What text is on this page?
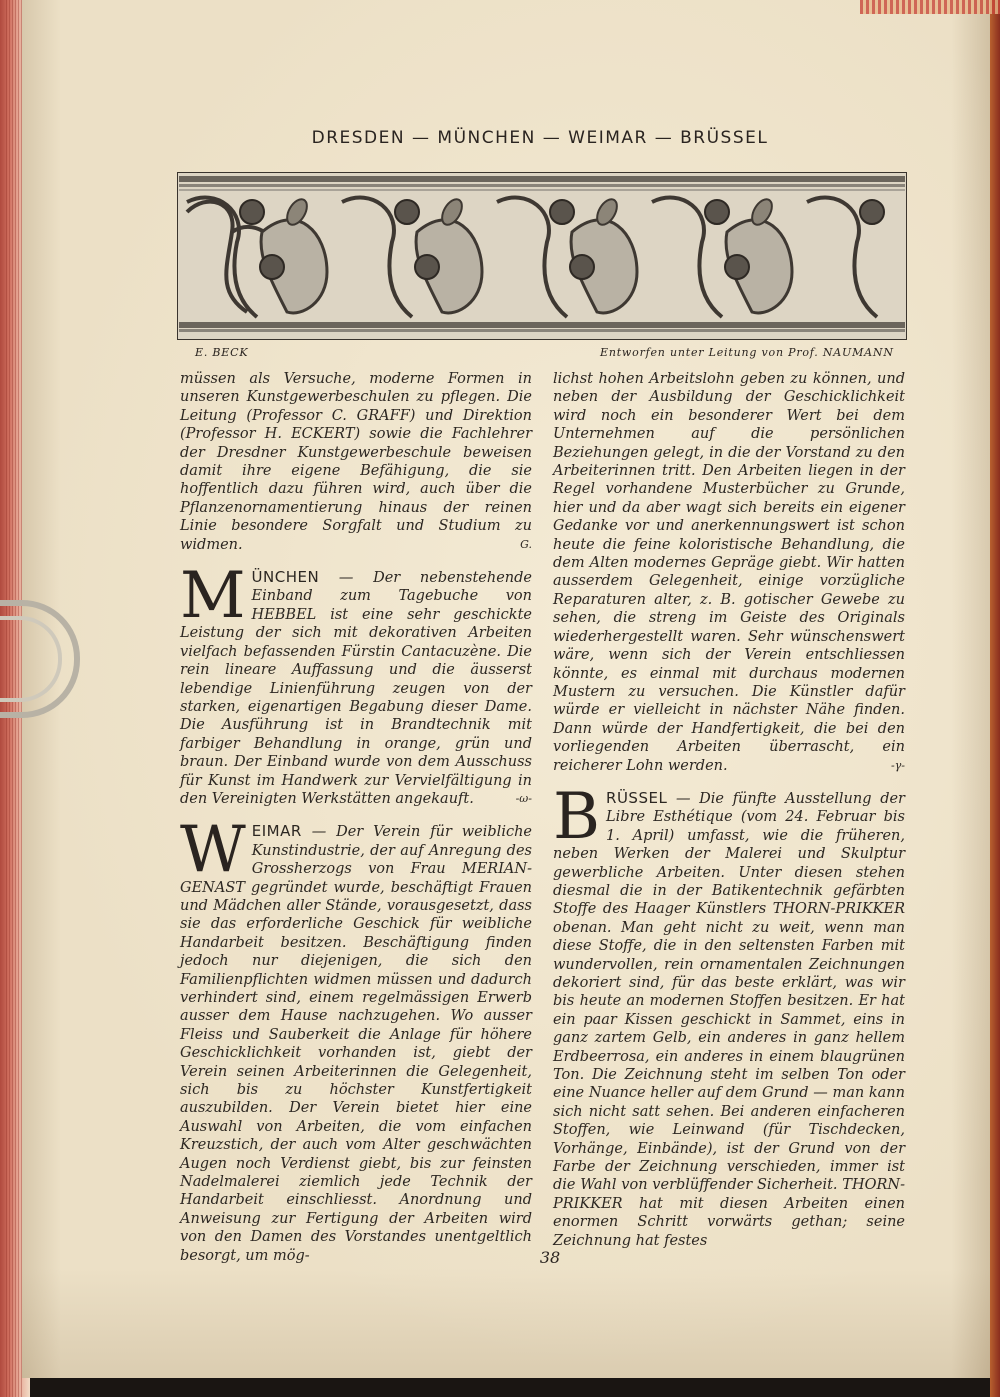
DRESDEN — MÜNCHEN — WEIMAR — BRÜSSEL
E. BECK	Entworfen unter Leitung von Prof. NAUMANN

müssen als Versuche, moderne Formen in unseren Kunstgewerbeschulen zu pflegen. Die Leitung (Professor C. GRAFF) und Direktion (Professor H. ECKERT) sowie die Fachlehrer der Dresdner Kunstgewerbeschule beweisen damit ihre eigene Befähigung, die sie hoffentlich dazu führen wird, auch über die Pflanzenornamentierung hinaus der reinen Linie besondere Sorgfalt und Studium zu widmen.	G.

MÜNCHEN — Der nebenstehende Einband zum Tagebuche von HEBBEL ist eine sehr geschickte Leistung der sich mit dekorativen Arbeiten vielfach befassenden Fürstin Cantacuzène. Die rein lineare Auffassung und die äusserst lebendige Linienführung zeugen von der starken, eigenartigen Begabung dieser Dame. Die Ausführung ist in Brandtechnik mit farbiger Behandlung in orange, grün und braun. Der Einband wurde von dem Ausschuss für Kunst im Handwerk zur Vervielfältigung in den Vereinigten Werkstätten angekauft.	-ω-

WEIMAR — Der Verein für weibliche Kunstindustrie, der auf Anregung des Grossherzogs von Frau MERIAN-GENAST gegründet wurde, beschäftigt Frauen und Mädchen aller Stände, vorausgesetzt, dass sie das erforderliche Geschick für weibliche Handarbeit besitzen. Beschäftigung finden jedoch nur diejenigen, die sich den Familienpflichten widmen müssen und dadurch verhindert sind, einem regelmässigen Erwerb ausser dem Hause nachzugehen. Wo ausser Fleiss und Sauberkeit die Anlage für höhere Geschicklichkeit vorhanden ist, giebt der Verein seinen Arbeiterinnen die Gelegenheit, sich bis zu höchster Kunstfertigkeit auszubilden. Der Verein bietet hier eine Auswahl von Arbeiten, die vom einfachen Kreuzstich, der auch vom Alter geschwächten Augen noch Verdienst giebt, bis zur feinsten Nadelmalerei ziemlich jede Technik der Handarbeit einschliesst. Anordnung und Anweisung zur Fertigung der Arbeiten wird von den Damen des Vorstandes unentgeltlich besorgt, um mög-

lichst hohen Arbeitslohn geben zu können, und neben der Ausbildung der Geschicklichkeit wird noch ein besonderer Wert bei dem Unternehmen auf die persönlichen Beziehungen gelegt, in die der Vorstand zu den Arbeiterinnen tritt. Den Arbeiten liegen in der Regel vorhandene Musterbücher zu Grunde, hier und da aber wagt sich bereits ein eigener Gedanke vor und anerkennungswert ist schon heute die feine koloristische Behandlung, die dem Alten modernes Gepräge giebt. Wir hatten ausserdem Gelegenheit, einige vorzügliche Reparaturen alter, z. B. gotischer Gewebe zu sehen, die streng im Geiste des Originals wiederhergestellt waren. Sehr wünschenswert wäre, wenn sich der Verein entschliessen könnte, es einmal mit durchaus modernen Mustern zu versuchen. Die Künstler dafür würde er vielleicht in nächster Nähe finden. Dann würde der Handfertigkeit, die bei den vorliegenden Arbeiten überrascht, ein reicherer Lohn werden.	-γ-

BRÜSSEL — Die fünfte Ausstellung der Libre Esthétique (vom 24. Februar bis 1. April) umfasst, wie die früheren, neben Werken der Malerei und Skulptur gewerbliche Arbeiten. Unter diesen stehen diesmal die in der Batikentechnik gefärbten Stoffe des Haager Künstlers THORN-PRIKKER obenan. Man geht nicht zu weit, wenn man diese Stoffe, die in den seltensten Farben mit wundervollen, rein ornamentalen Zeichnungen dekoriert sind, für das beste erklärt, was wir bis heute an modernen Stoffen besitzen. Er hat ein paar Kissen geschickt in Sammet, eins in ganz zartem Gelb, ein anderes in ganz hellem Erdbeerrosa, ein anderes in einem blaugrünen Ton. Die Zeichnung steht im selben Ton oder eine Nuance heller auf dem Grund — man kann sich nicht satt sehen. Bei anderen einfacheren Stoffen, wie Leinwand (für Tischdecken, Vorhänge, Einbände), ist der Grund von der Farbe der Zeichnung verschieden, immer ist die Wahl von verblüffender Sicherheit. THORN-PRIKKER hat mit diesen Arbeiten einen enormen Schritt vorwärts gethan; seine Zeichnung hat festes

38
